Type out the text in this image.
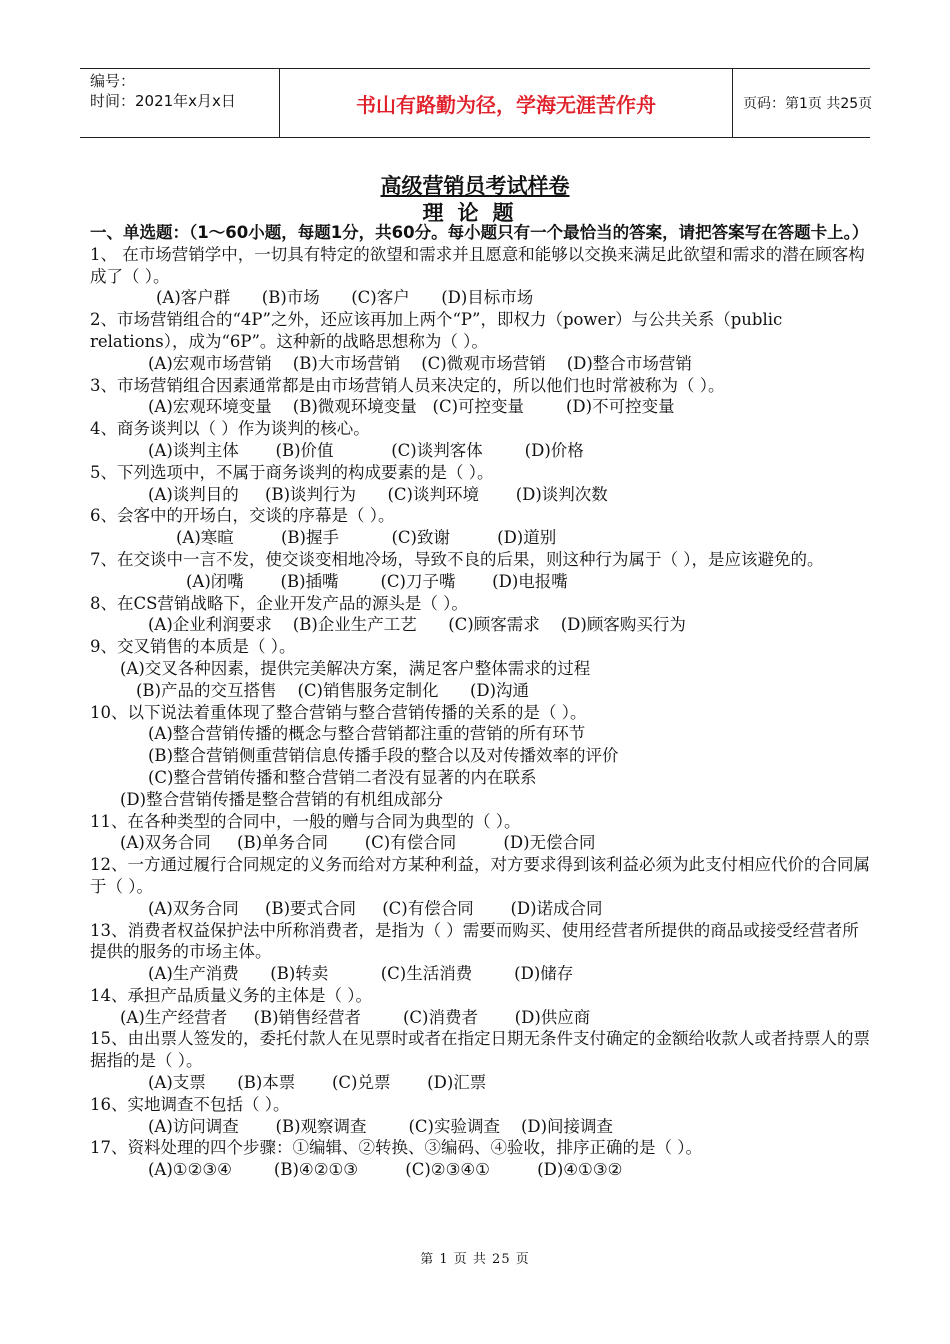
编号：
时间：2021年x月x日	书山有路勤为径，学海无涯苦作舟	页码：第1页 共25页
高级营销员考试样卷
理论题
一、单选题：（1～60小题，每题1分，共60分。每小题只有一个最恰当的答案，请把答案写在答题卡上。）
1、 在市场营销学中，一切具有特定的欲望和需求并且愿意和能够以交换来满足此欲望和需求的潜在顾客构成了（ ）。
(A)客户群      (B)市场      (C)客户      (D)目标市场
2、市场营销组合的“4P”之外，还应该再加上两个“P”，即权力（power）与公共关系（public relations），成为“6P”。这种新的战略思想称为（ ）。
(A)宏观市场营销    (B)大市场营销    (C)微观市场营销    (D)整合市场营销
3、市场营销组合因素通常都是由市场营销人员来决定的，所以他们也时常被称为（ ）。
(A)宏观环境变量    (B)微观环境变量   (C)可控变量        (D)不可控变量
4、商务谈判以（ ）作为谈判的核心。
(A)谈判主体       (B)价值           (C)谈判客体        (D)价格
5、下列选项中，不属于商务谈判的构成要素的是（ ）。
(A)谈判目的     (B)谈判行为      (C)谈判环境       (D)谈判次数
6、会客中的开场白，交谈的序幕是（ ）。
(A)寒暄         (B)握手          (C)致谢         (D)道别
7、在交谈中一言不发，使交谈变相地冷场，导致不良的后果，则这种行为属于（ ），是应该避免的。
(A)闭嘴       (B)插嘴        (C)刀子嘴       (D)电报嘴
8、在CS营销战略下，企业开发产品的源头是（ ）。
(A)企业利润要求    (B)企业生产工艺      (C)顾客需求    (D)顾客购买行为
9、交叉销售的本质是（ ）。
(A)交叉各种因素，提供完美解决方案，满足客户整体需求的过程
(B)产品的交互搭售    (C)销售服务定制化      (D)沟通
10、以下说法着重体现了整合营销与整合营销传播的关系的是（ ）。
(A)整合营销传播的概念与整合营销都注重的营销的所有环节
(B)整合营销侧重营销信息传播手段的整合以及对传播效率的评价
(C)整合营销传播和整合营销二者没有显著的内在联系
(D)整合营销传播是整合营销的有机组成部分
11、在各种类型的合同中，一般的赠与合同为典型的（ ）。
(A)双务合同     (B)单务合同       (C)有偿合同         (D)无偿合同
12、一方通过履行合同规定的义务而给对方某种利益，对方要求得到该利益必须为此支付相应代价的合同属于（ ）。
(A)双务合同     (B)要式合同     (C)有偿合同       (D)诺成合同
13、消费者权益保护法中所称消费者，是指为（ ）需要而购买、使用经营者所提供的商品或接受经营者所提供的服务的市场主体。
(A)生产消费      (B)转卖          (C)生活消费        (D)储存
14、承担产品质量义务的主体是（ ）。
(A)生产经营者     (B)销售经营者        (C)消费者       (D)供应商
15、由出票人签发的，委托付款人在见票时或者在指定日期无条件支付确定的金额给收款人或者持票人的票据指的是（ ）。
(A)支票      (B)本票       (C)兑票       (D)汇票
16、实地调查不包括（ ）。
(A)访问调查       (B)观察调查        (C)实验调查    (D)间接调查
17、资料处理的四个步骤：①编辑、②转换、③编码、④验收，排序正确的是（ ）。
(A)①②③④        (B)④②①③         (C)②③④①         (D)④①③②
第 1 页 共 25 页
